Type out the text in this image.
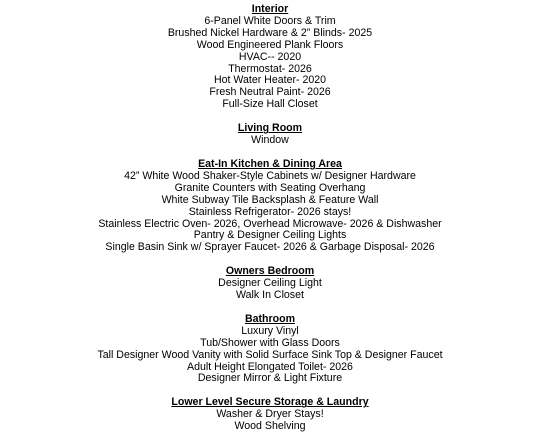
Interior
6-Panel White Doors & Trim
Brushed Nickel Hardware & 2” Blinds- 2025
Wood Engineered Plank Floors
HVAC-- 2020
Thermostat- 2026
Hot Water Heater- 2020
Fresh Neutral Paint- 2026
Full-Size Hall Closet
Living Room
Window
Eat-In Kitchen & Dining Area
42” White Wood Shaker-Style Cabinets w/ Designer Hardware
Granite Counters with Seating Overhang
White Subway Tile Backsplash & Feature Wall
Stainless Refrigerator- 2026 stays!
Stainless Electric Oven- 2026, Overhead Microwave- 2026 & Dishwasher
Pantry & Designer Ceiling Lights
Single Basin Sink w/ Sprayer Faucet- 2026 & Garbage Disposal- 2026
Owners Bedroom
Designer Ceiling Light
Walk In Closet
Bathroom
Luxury Vinyl
Tub/Shower with Glass Doors
Tall Designer Wood Vanity with Solid Surface Sink Top & Designer Faucet
Adult Height Elongated Toilet- 2026
Designer Mirror & Light Fixture
Lower Level Secure Storage & Laundry
Washer & Dryer Stays!
Wood Shelving
